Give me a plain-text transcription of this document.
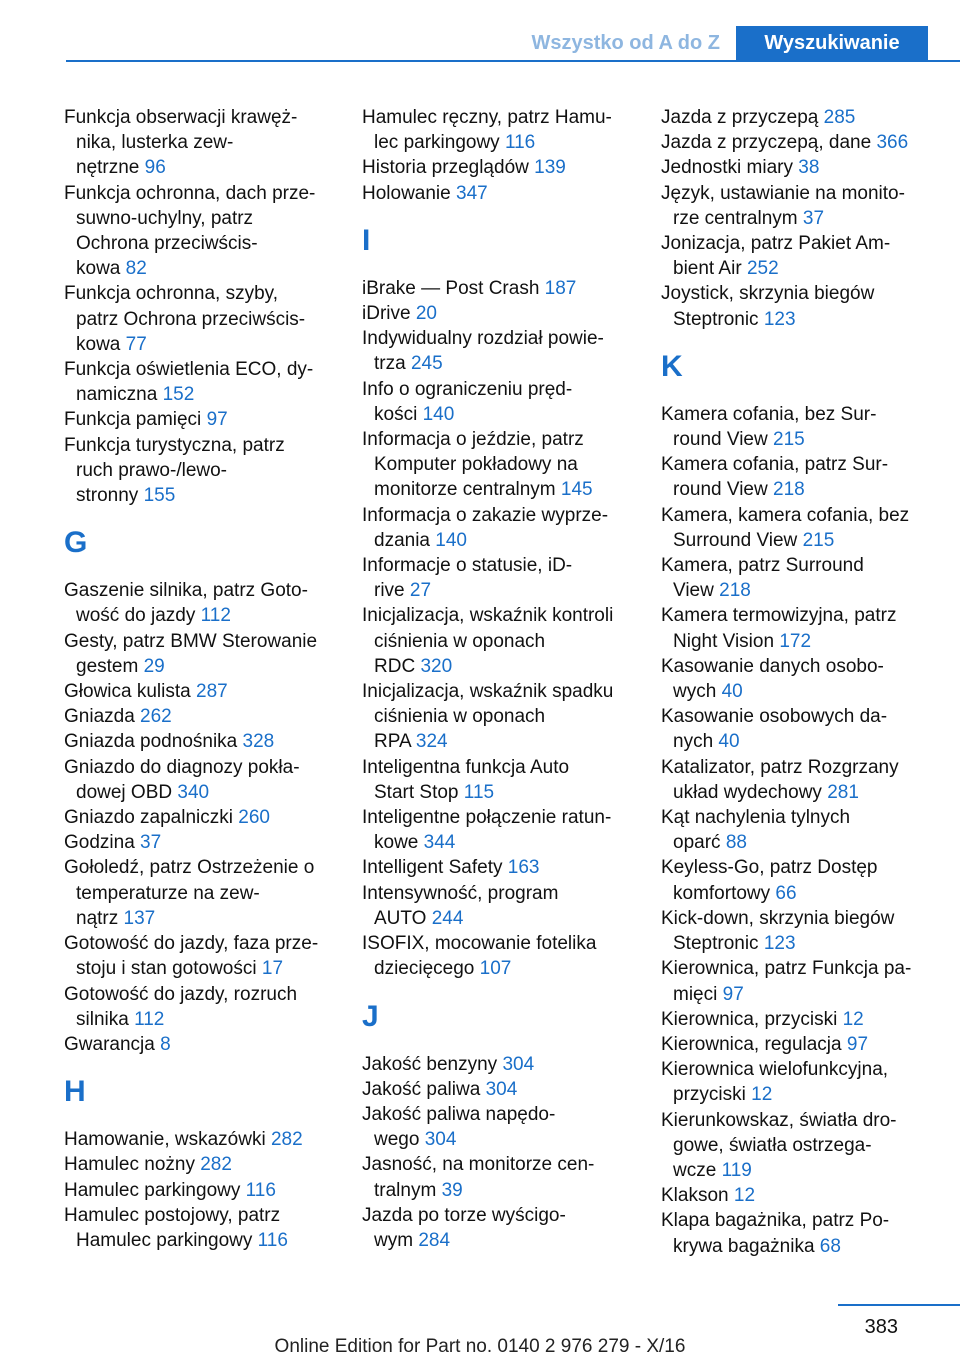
Wszystko od A do Z	Wyszukiwanie
Funkcja obserwacji krawęż-
nika, lusterka zew-
nętrzne 96
Funkcja ochronna, dach prze-
suwno-uchylny, patrz
Ochrona przeciwścis-
kowa 82
Funkcja ochronna, szyby,
patrz Ochrona przeciwścis-
kowa 77
Funkcja oświetlenia ECO, dy-
namiczna 152
Funkcja pamięci 97
Funkcja turystyczna, patrz
ruch prawo-/lewo-
stronny 155
G
Gaszenie silnika, patrz Goto-
wość do jazdy 112
Gesty, patrz BMW Sterowanie
gestem 29
Głowica kulista 287
Gniazda 262
Gniazda podnośnika 328
Gniazdo do diagnozy pokła-
dowej OBD 340
Gniazdo zapalniczki 260
Godzina 37
Gołoledź, patrz Ostrzeżenie o
temperaturze na zew-
nątrz 137
Gotowość do jazdy, faza prze-
stoju i stan gotowości 17
Gotowość do jazdy, rozruch
silnika 112
Gwarancja 8
H
Hamowanie, wskazówki 282
Hamulec nożny 282
Hamulec parkingowy 116
Hamulec postojowy, patrz
Hamulec parkingowy 116
Hamulec ręczny, patrz Hamu-
lec parkingowy 116
Historia przeglądów 139
Holowanie 347
I
iBrake — Post Crash 187
iDrive 20
Indywidualny rozdział powie-
trza 245
Info o ograniczeniu pręd-
kości 140
Informacja o jeździe, patrz
Komputer pokładowy na
monitorze centralnym 145
Informacja o zakazie wyprze-
dzania 140
Informacje o statusie, iD-
rive 27
Inicjalizacja, wskaźnik kontroli
ciśnienia w oponach
RDC 320
Inicjalizacja, wskaźnik spadku
ciśnienia w oponach
RPA 324
Inteligentna funkcja Auto
Start Stop 115
Inteligentne połączenie ratun-
kowe 344
Intelligent Safety 163
Intensywność, program
AUTO 244
ISOFIX, mocowanie fotelika
dziecięcego 107
J
Jakość benzyny 304
Jakość paliwa 304
Jakość paliwa napędo-
wego 304
Jasność, na monitorze cen-
tralnym 39
Jazda po torze wyścigo-
wym 284
Jazda z przyczepą 285
Jazda z przyczepą, dane 366
Jednostki miary 38
Język, ustawianie na monito-
rze centralnym 37
Jonizacja, patrz Pakiet Am-
bient Air 252
Joystick, skrzynia biegów
Steptronic 123
K
Kamera cofania, bez Sur-
round View 215
Kamera cofania, patrz Sur-
round View 218
Kamera, kamera cofania, bez
Surround View 215
Kamera, patrz Surround
View 218
Kamera termowizyjna, patrz
Night Vision 172
Kasowanie danych osobo-
wych 40
Kasowanie osobowych da-
nych 40
Katalizator, patrz Rozgrzany
układ wydechowy 281
Kąt nachylenia tylnych
oparć 88
Keyless-Go, patrz Dostęp
komfortowy 66
Kick-down, skrzynia biegów
Steptronic 123
Kierownica, patrz Funkcja pa-
mięci 97
Kierownica, przyciski 12
Kierownica, regulacja 97
Kierownica wielofunkcyjna,
przyciski 12
Kierunkowskaz, światła dro-
gowe, światła ostrzega-
wcze 119
Klakson 12
Klapa bagażnika, patrz Po-
krywa bagażnika 68
383
Online Edition for Part no. 0140 2 976 279 - X/16
